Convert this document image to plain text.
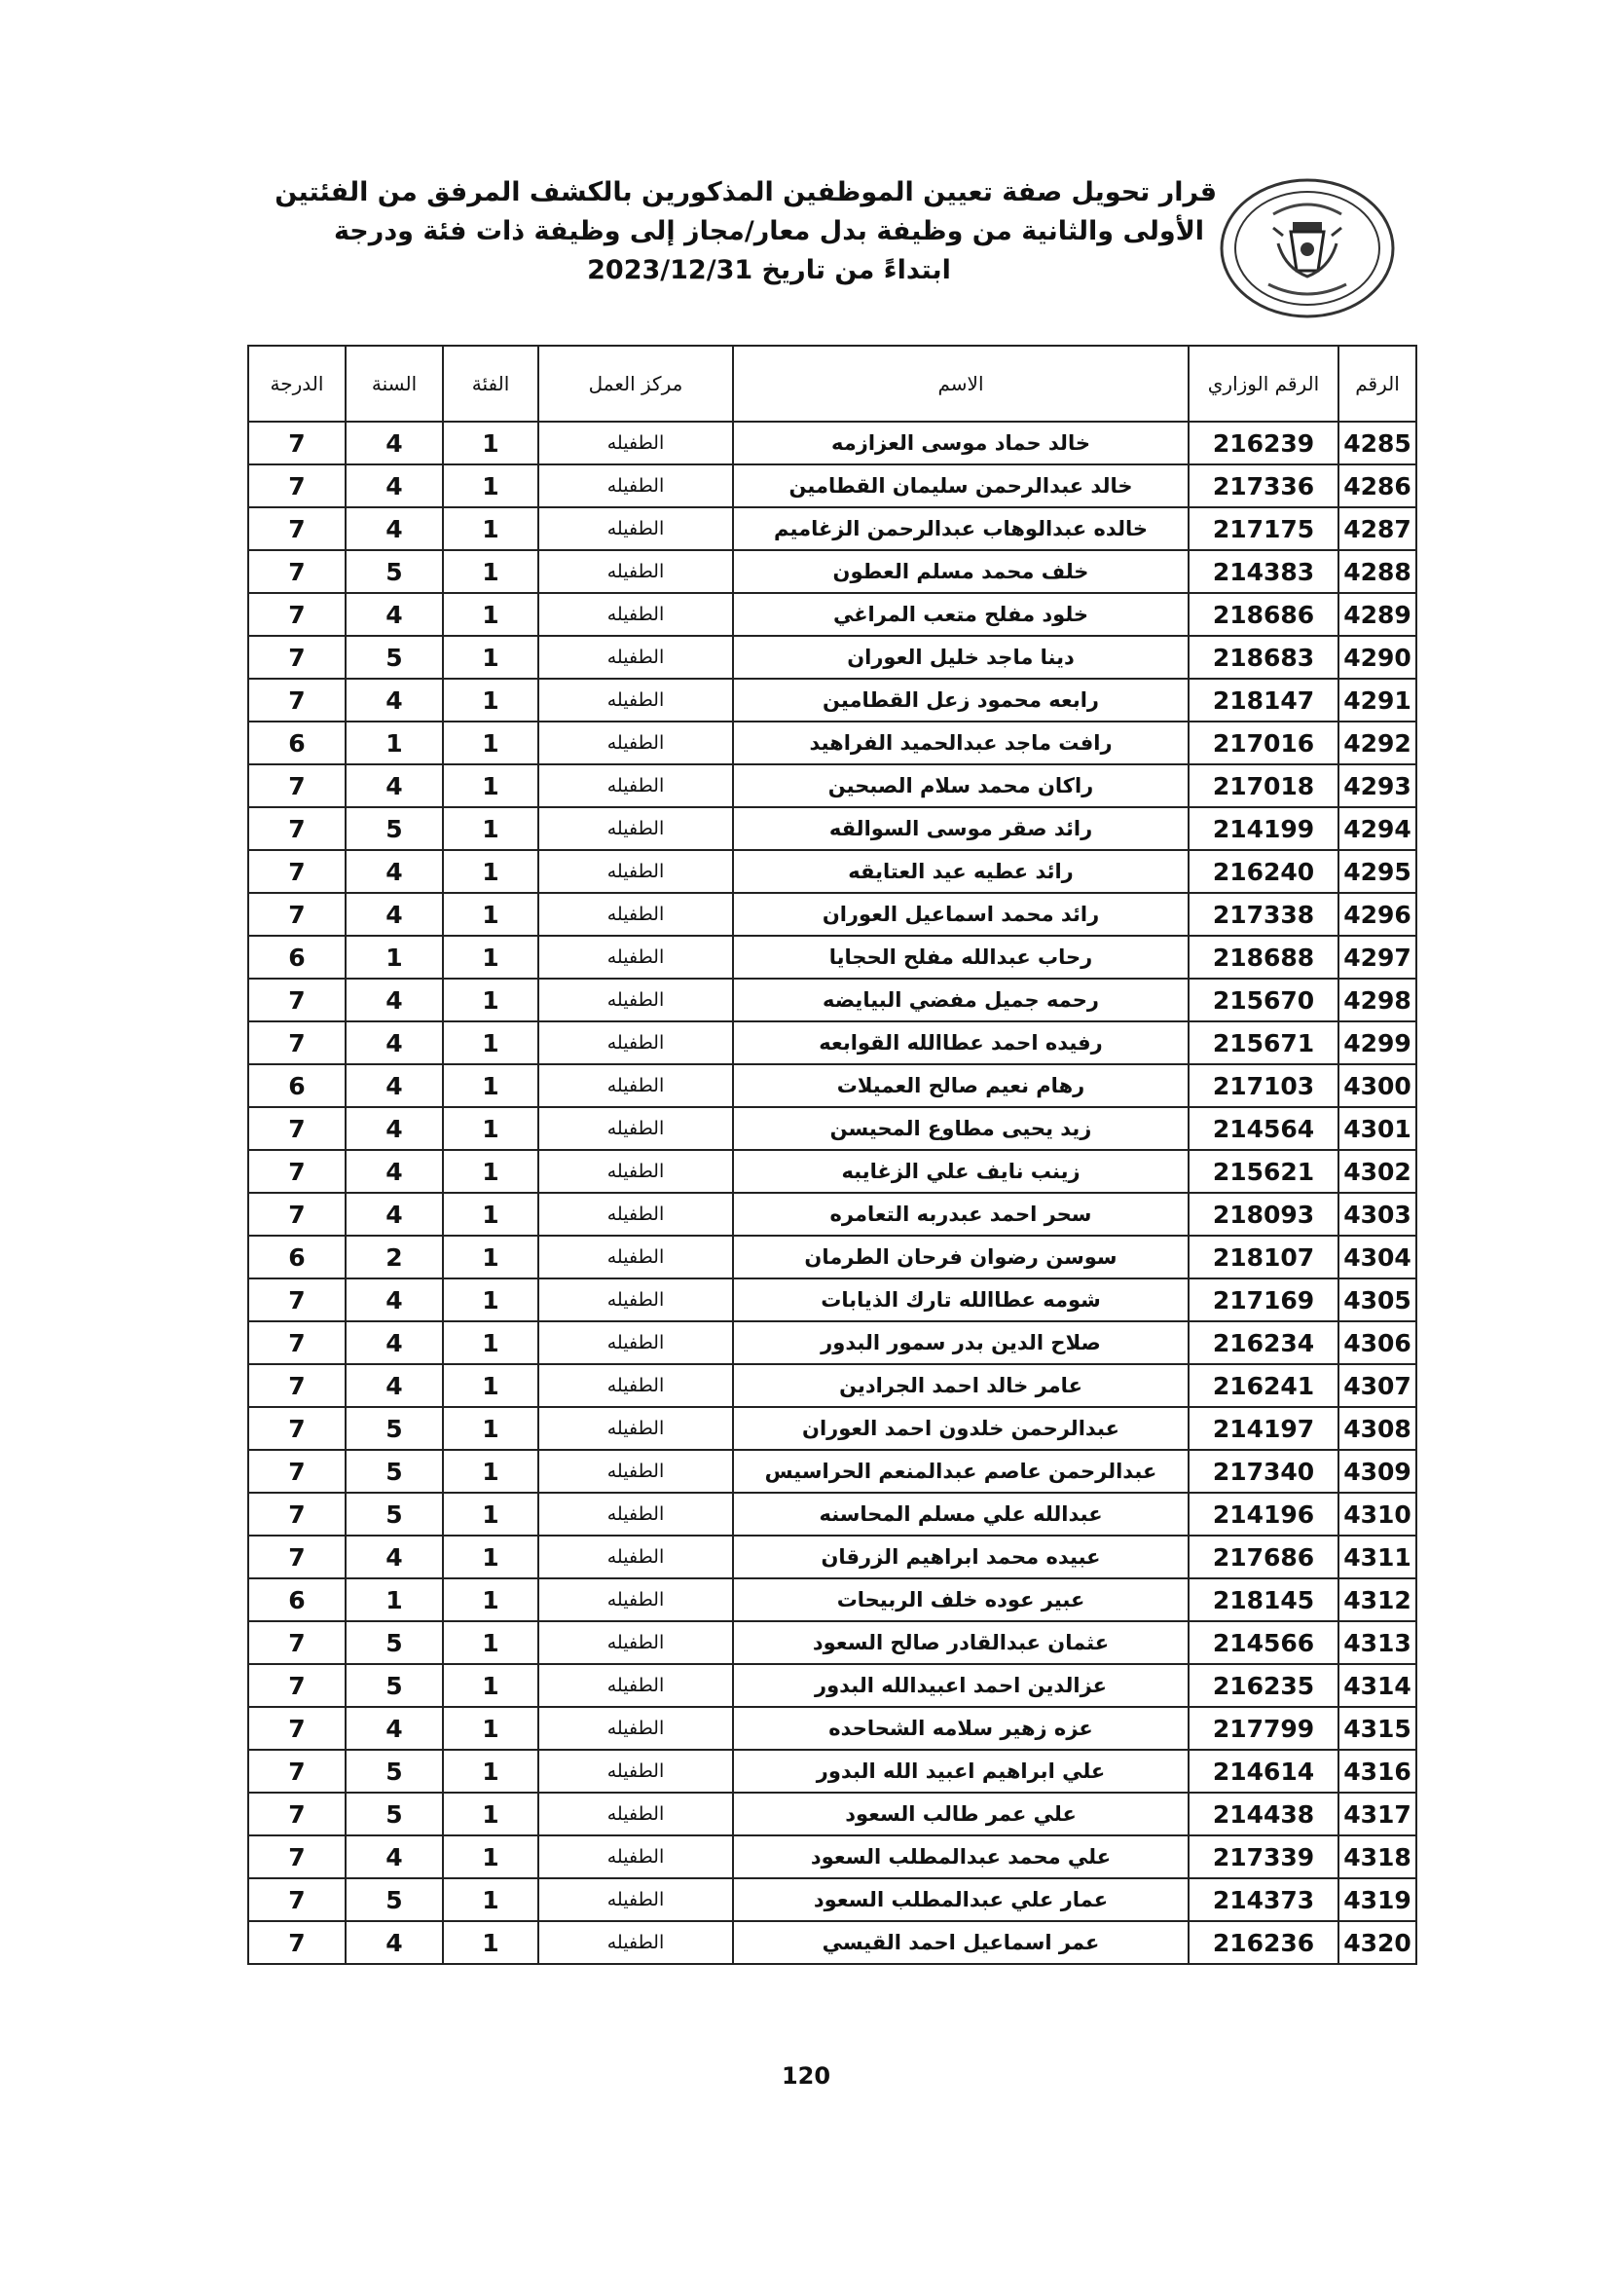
قرار تحويل صفة تعيين الموظفين المذكورين بالكشف المرفق من الفئتين
الأولى والثانية من وظيفة بدل معار/مجاز إلى وظيفة ذات فئة ودرجة
ابتداءً من تاريخ 2023/12/31
الرقم	الرقم الوزاري	الاسم	مركز العمل	الفئة	السنة	الدرجة
4285	216239	خالد حماد موسى العزازمه	الطفيله	1	4	7
4286	217336	خالد عبدالرحمن سليمان القطامين	الطفيله	1	4	7
4287	217175	خالده عبدالوهاب عبدالرحمن الزغاميم	الطفيله	1	4	7
4288	214383	خلف محمد مسلم العطون	الطفيله	1	5	7
4289	218686	خلود مفلح متعب المراغي	الطفيله	1	4	7
4290	218683	دينا ماجد خليل العوران	الطفيله	1	5	7
4291	218147	رابعه محمود زعل القطامين	الطفيله	1	4	7
4292	217016	رافت ماجد عبدالحميد الفراهيد	الطفيله	1	1	6
4293	217018	راكان محمد سلام الصبحين	الطفيله	1	4	7
4294	214199	رائد صقر موسى السوالقه	الطفيله	1	5	7
4295	216240	رائد عطيه عيد العتايقه	الطفيله	1	4	7
4296	217338	رائد محمد اسماعيل العوران	الطفيله	1	4	7
4297	218688	رحاب عبدالله مفلح الحجايا	الطفيله	1	1	6
4298	215670	رحمه جميل مفضي البيايضه	الطفيله	1	4	7
4299	215671	رفيده احمد عطاالله القوابعه	الطفيله	1	4	7
4300	217103	رهام نعيم صالح العميلات	الطفيله	1	4	6
4301	214564	زيد يحيى مطاوع المحيسن	الطفيله	1	4	7
4302	215621	زينب نايف علي الزغايبه	الطفيله	1	4	7
4303	218093	سحر احمد عبدربه التعامره	الطفيله	1	4	7
4304	218107	سوسن رضوان فرحان الطرمان	الطفيله	1	2	6
4305	217169	شومه عطاالله تارك الذيابات	الطفيله	1	4	7
4306	216234	صلاح الدين بدر سمور البدور	الطفيله	1	4	7
4307	216241	عامر خالد احمد الجرادين	الطفيله	1	4	7
4308	214197	عبدالرحمن خلدون احمد العوران	الطفيله	1	5	7
4309	217340	عبدالرحمن عاصم عبدالمنعم الحراسيس	الطفيله	1	5	7
4310	214196	عبدالله علي مسلم المحاسنه	الطفيله	1	5	7
4311	217686	عبيده محمد ابراهيم الزرقان	الطفيله	1	4	7
4312	218145	عبير عوده خلف الربيحات	الطفيله	1	1	6
4313	214566	عثمان عبدالقادر صالح السعود	الطفيله	1	5	7
4314	216235	عزالدين احمد اعبيدالله البدور	الطفيله	1	5	7
4315	217799	عزه زهير سلامه الشحاحده	الطفيله	1	4	7
4316	214614	علي ابراهيم اعبيد الله البدور	الطفيله	1	5	7
4317	214438	علي عمر طالب السعود	الطفيله	1	5	7
4318	217339	علي محمد عبدالمطلب السعود	الطفيله	1	4	7
4319	214373	عمار علي عبدالمطلب السعود	الطفيله	1	5	7
4320	216236	عمر اسماعيل احمد القيسي	الطفيله	1	4	7
120
